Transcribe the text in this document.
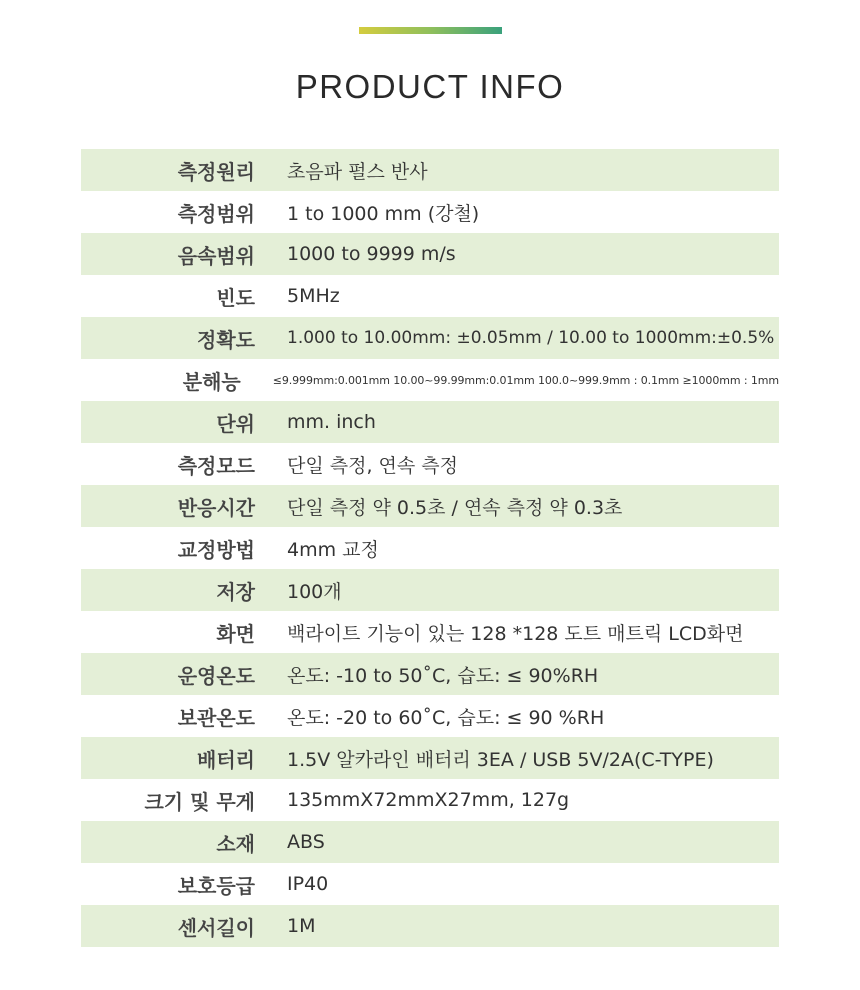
PRODUCT INFO
측정원리 초음파 펄스 반사
측정범위 1 to 1000 mm (강철)
음속범위 1000 to 9999 m/s
빈도 5MHz
정확도 1.000 to 10.00mm: ±0.05mm / 10.00 to 1000mm:±0.5%
분해능	≤9.999mm:0.001mm 10.00~99.99mm:0.01mm 100.0~999.9mm : 0.1mm ≥1000mm : 1mm
단위 mm. inch
측정모드 단일 측정, 연속 측정
반응시간 단일 측정 약 0.5초 / 연속 측정 약 0.3초
교정방법 4mm 교정
저장 100개
화면 백라이트 기능이 있는 128 *128 도트 매트릭 LCD화면
운영온도 온도: -10 to 50˚C, 습도: ≤ 90%RH
보관온도 온도: -20 to 60˚C, 습도: ≤ 90 %RH
배터리 1.5V 알카라인 배터리 3EA / USB 5V/2A(C-TYPE)
크기 및 무게 135mmX72mmX27mm, 127g
소재 ABS
보호등급 IP40
센서길이 1M
